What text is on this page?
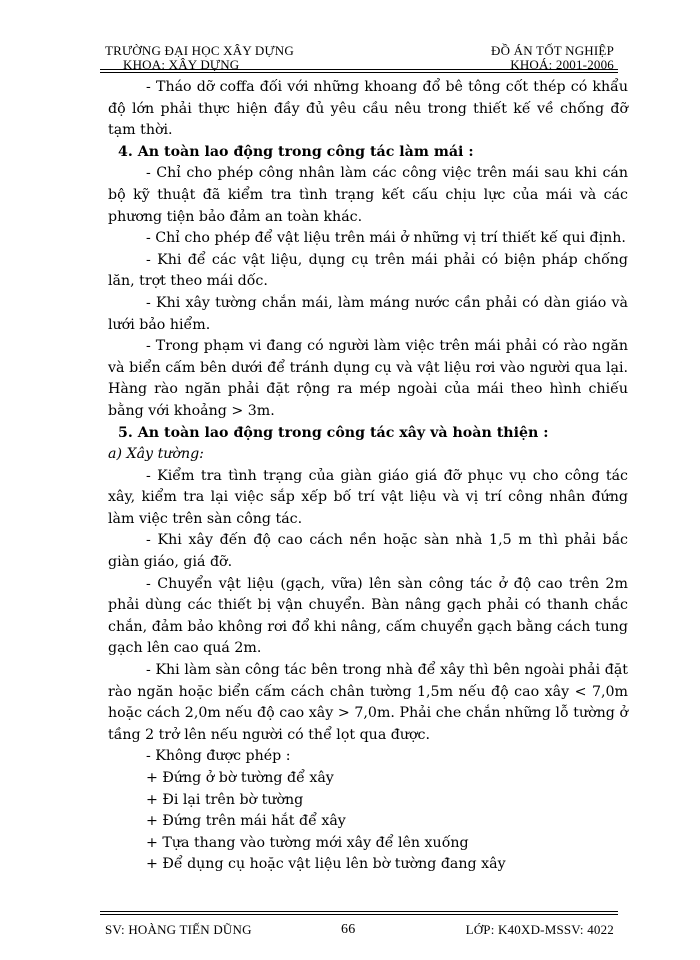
TRƯỜNG ĐẠI HỌC XÂY DỰNG
KHOA: XÂY DỰNG
ĐỒ ÁN TỐT NGHIỆP
KHOÁ: 2001-2006

- Tháo dỡ coffa đối với những khoang đổ bê tông cốt thép có khẩu độ lớn phải thực hiện đầy đủ yêu cầu nêu trong thiết kế về chống đỡ tạm thời.

4. An toàn lao động trong công tác làm mái :

- Chỉ cho phép công nhân làm các công việc trên mái sau khi cán bộ kỹ thuật đã kiểm tra tình trạng kết cấu chịu lực của mái và các phương tiện bảo đảm an toàn khác.

- Chỉ cho phép để vật liệu trên mái ở những vị trí thiết kế qui định.

- Khi để các vật liệu, dụng cụ trên mái phải có biện pháp chống lăn, trợt theo mái dốc.

- Khi xây tường chắn mái, làm máng nước cần phải có dàn giáo và lưới bảo hiểm.

- Trong phạm vi đang có người làm việc trên mái phải có rào ngăn và biển cấm bên dưới để tránh dụng cụ và vật liệu rơi vào người qua lại. Hàng rào ngăn phải đặt rộng ra mép ngoài của mái theo hình chiếu bằng với khoảng > 3m.

5. An toàn lao động trong công tác xây và hoàn thiện :

a) Xây tường:

- Kiểm tra tình trạng của giàn giáo giá đỡ phục vụ cho công tác xây, kiểm tra lại việc sắp xếp bố trí vật liệu và vị trí công nhân đứng làm việc trên sàn công tác.

- Khi xây đến độ cao cách nền hoặc sàn nhà 1,5 m thì phải bắc giàn giáo, giá đỡ.

- Chuyển vật liệu (gạch, vữa) lên sàn công tác ở độ cao trên 2m phải dùng các thiết bị vận chuyển. Bàn nâng gạch phải có thanh chắc chắn, đảm bảo không rơi đổ khi nâng, cấm chuyển gạch bằng cách tung gạch lên cao quá 2m.

- Khi làm sàn công tác bên trong nhà để xây thì bên ngoài phải đặt rào ngăn hoặc biển cấm cách chân tường 1,5m nếu độ cao xây < 7,0m hoặc cách 2,0m nếu độ cao xây > 7,0m. Phải che chắn những lỗ tường ở tầng 2 trở lên nếu người có thể lọt qua được.

- Không được phép :

+ Đứng ở bờ tường để xây

+ Đi lại trên bờ tường

+ Đứng trên mái hắt để xây

+ Tựa thang vào tường mới xây để lên xuống

+ Để dụng cụ hoặc vật liệu lên bờ tường đang xây

SV: HOÀNG TIẾN DŨNG	66	LỚP: K40XD-MSSV: 4022
